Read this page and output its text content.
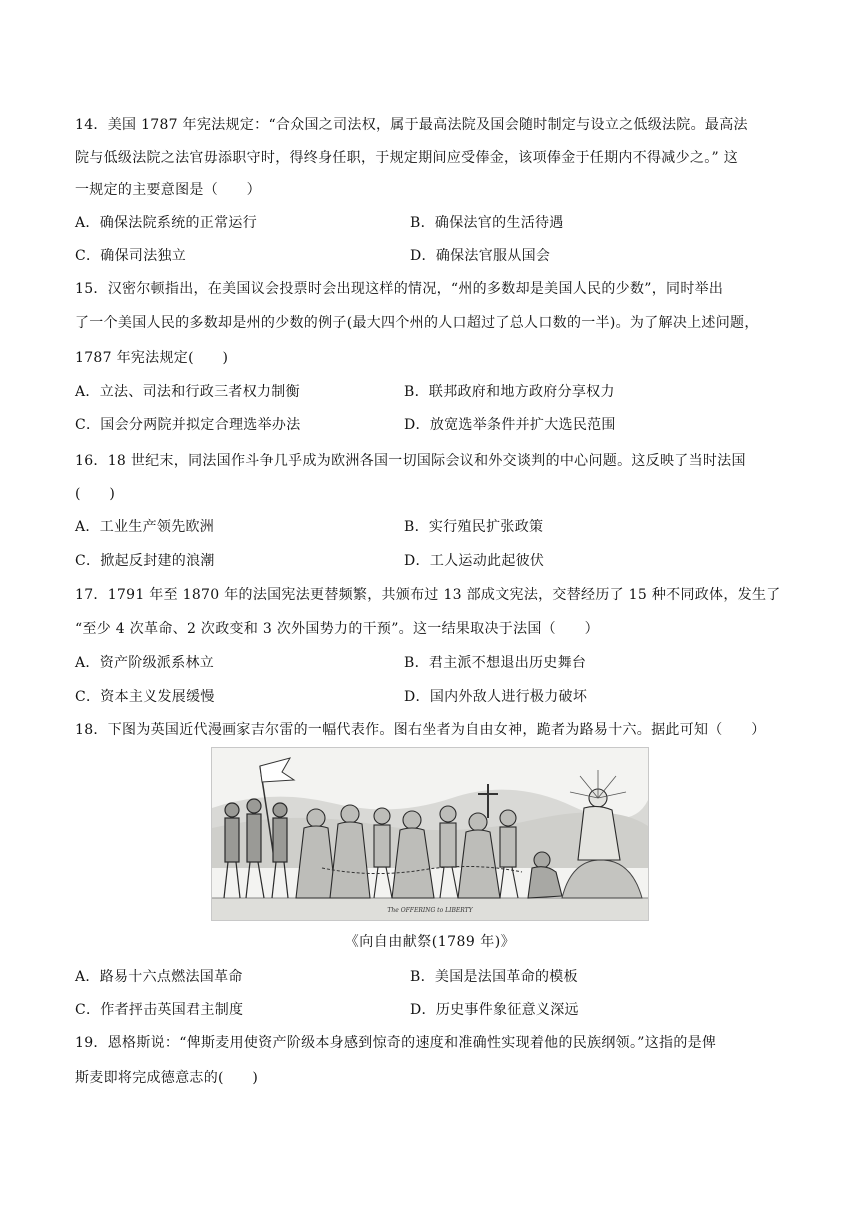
14．美国 1787 年宪法规定：“合众国之司法权，属于最高法院及国会随时制定与设立之低级法院。最高法
院与低级法院之法官毋添职守时，得终身任职，于规定期间应受俸金，该项俸金于任期内不得减少之。” 这
一规定的主要意图是（　　）
A．确保法院系统的正常运行	B．确保法官的生活待遇
C．确保司法独立	D．确保法官服从国会
15．汉密尔顿指出，在美国议会投票时会出现这样的情况，“州的多数却是美国人民的少数”，同时举出
了一个美国人民的多数却是州的少数的例子(最大四个州的人口超过了总人口数的一半)。为了解决上述问题，
1787 年宪法规定(　　)
A．立法、司法和行政三者权力制衡	B．联邦政府和地方政府分享权力
C．国会分两院并拟定合理选举办法	D．放宽选举条件并扩大选民范围
16．18 世纪末，同法国作斗争几乎成为欧洲各国一切国际会议和外交谈判的中心问题。这反映了当时法国
(　　)
A．工业生产领先欧洲	B．实行殖民扩张政策
C．掀起反封建的浪潮	D．工人运动此起彼伏
17．1791 年至 1870 年的法国宪法更替频繁，共颁布过 13 部成文宪法，交替经历了 15 种不同政体，发生了
“至少 4 次革命、2 次政变和 3 次外国势力的干预”。这一结果取决于法国（　　）
A．资产阶级派系林立	B．君主派不想退出历史舞台
C．资本主义发展缓慢	D．国内外敌人进行极力破坏
18．下图为英国近代漫画家吉尔雷的一幅代表作。图右坐者为自由女神，跪者为路易十六。据此可知（　　）
The OFFERING to LIBERTY
《向自由献祭(1789 年)》
A．路易十六点燃法国革命	B．美国是法国革命的模板
C．作者抨击英国君主制度	D．历史事件象征意义深远
19．恩格斯说：“俾斯麦用使资产阶级本身感到惊奇的速度和准确性实现着他的民族纲领。”这指的是俾
斯麦即将完成德意志的(　　)
